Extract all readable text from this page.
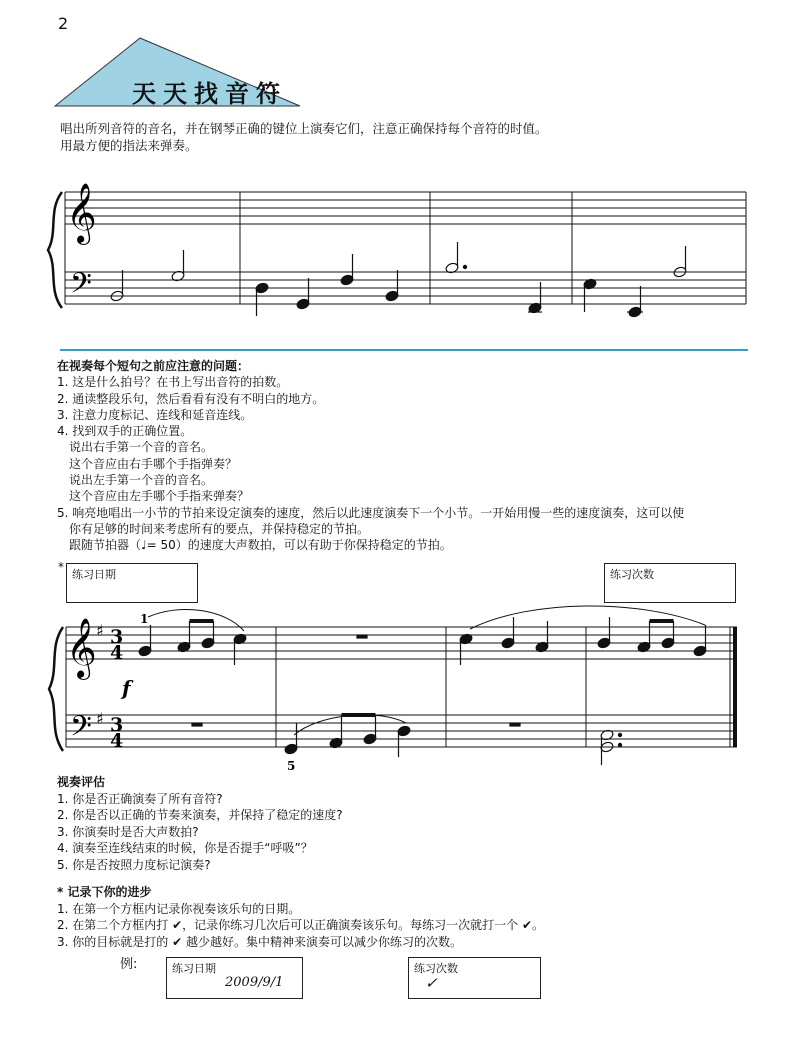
2
天天找音符
唱出所列音符的音名，并在钢琴正确的键位上演奏它们，注意正确保持每个音符的时值。
用最方便的指法来弹奏。
𝄞
𝄢
在视奏每个短句之前应注意的问题：
1. 这是什么拍号？在书上写出音符的拍数。
2. 通读整段乐句，然后看看有没有不明白的地方。
3. 注意力度标记、连线和延音连线。
4. 找到双手的正确位置。
说出右手第一个音的音名。
这个音应由右手哪个手指弹奏？
说出左手第一个音的音名。
这个音应由左手哪个手指来弹奏？
5. 响亮地唱出一小节的节拍来设定演奏的速度，然后以此速度演奏下一个小节。一开始用慢一些的速度演奏，这可以使
你有足够的时间来考虑所有的要点，并保持稳定的节拍。
跟随节拍器（♩= 50）的速度大声数拍，可以有助于你保持稳定的节拍。
*
练习日期	练习次数
𝄞
𝄢
♯
♯
3
4
3
4
f
1
5
视奏评估
1. 你是否正确演奏了所有音符?
2. 你是否以正确的节奏来演奏，并保持了稳定的速度?
3. 你演奏时是否大声数拍?
4. 演奏至连线结束的时候，你是否提手“呼吸”？
5. 你是否按照力度标记演奏?
* 记录下你的进步
1. 在第一个方框内记录你视奏该乐句的日期。
2. 在第二个方框内打 ✔，记录你练习几次后可以正确演奏该乐句。每练习一次就打一个 ✔。
3. 你的目标就是打的 ✔ 越少越好。集中精神来演奏可以减少你练习的次数。
例:	练习日期
2009/9/1
练习次数
✓
